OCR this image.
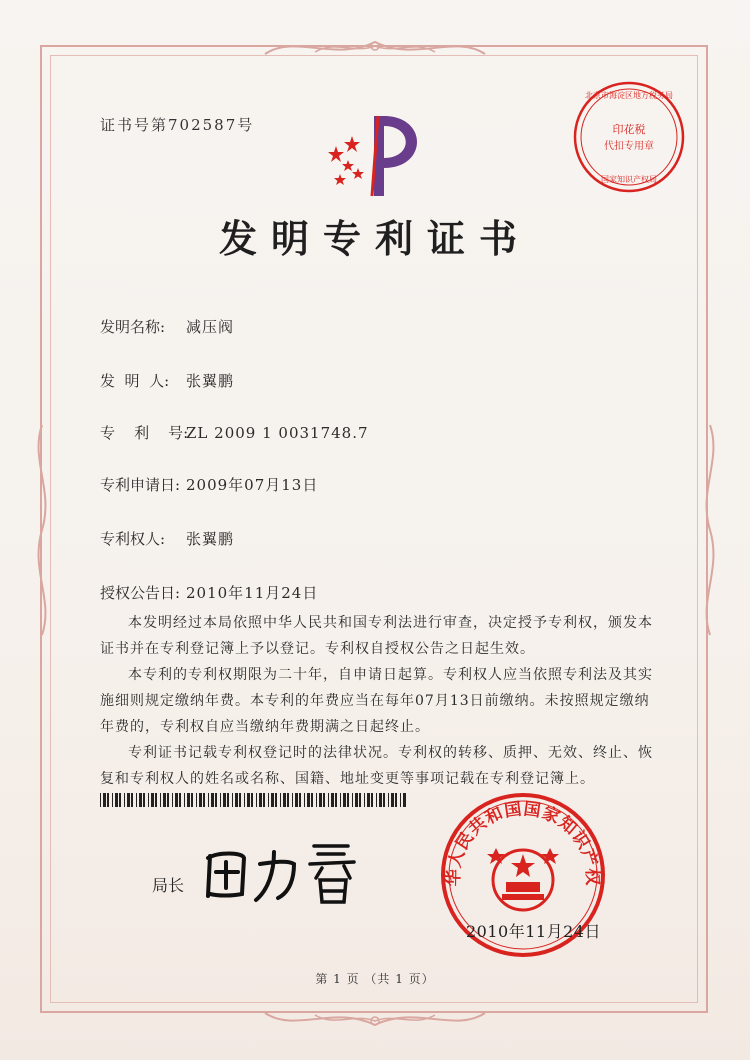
证书号第702587号	印花税
代扣专用章
北京市海淀区地方税务局
国家知识产权局
发明专利证书
发明名称: 减压阀
发  明  人: 张翼鹏
专    利    号:ZL 2009 1 0031748.7
专利申请日: 2009年07月13日
专利权人: 张翼鹏
授权公告日: 2010年11月24日

本发明经过本局依照中华人民共和国专利法进行审查，决定授予专利权，颁发本证书并在专利登记簿上予以登记。专利权自授权公告之日起生效。

本专利的专利权期限为二十年，自申请日起算。专利权人应当依照专利法及其实施细则规定缴纳年费。本专利的年费应当在每年07月13日前缴纳。未按照规定缴纳年费的，专利权自应当缴纳年费期满之日起终止。

专利证书记载专利权登记时的法律状况。专利权的转移、质押、无效、终止、恢复和专利权人的姓名或名称、国籍、地址变更等事项记载在专利登记簿上。

局长	华人民共和国国家知识产权
2010年11月24日
第 1 页 （共 1 页）
